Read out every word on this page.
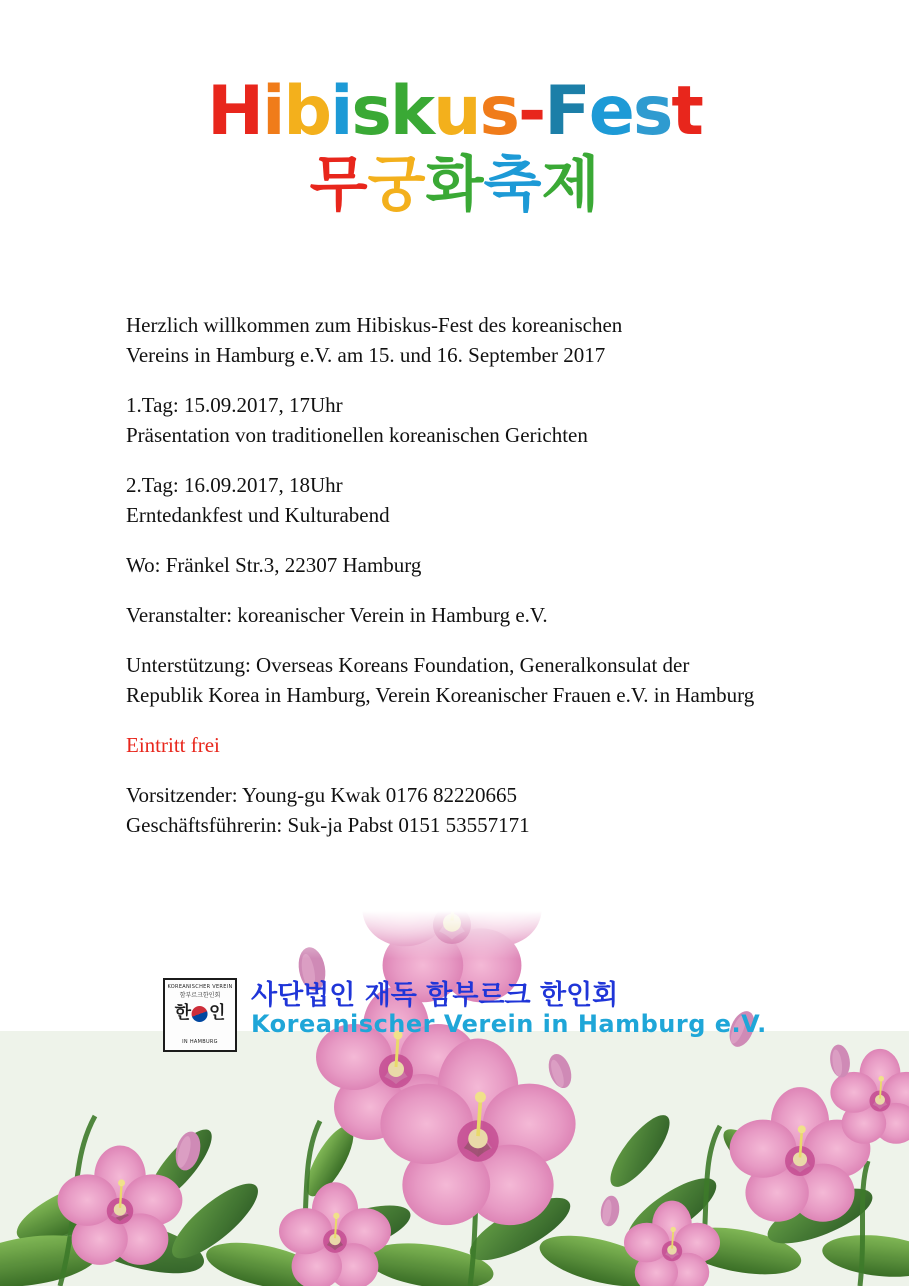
Hibiskus-Fest
무궁화축제
Herzlich willkommen zum Hibiskus-Fest des koreanischen
Vereins in Hamburg e.V. am 15. und 16. September 2017
1.Tag: 15.09.2017, 17Uhr
Präsentation von traditionellen koreanischen Gerichten
2.Tag: 16.09.2017, 18Uhr
Erntedankfest und Kulturabend
Wo: Fränkel Str.3, 22307 Hamburg
Veranstalter: koreanischer Verein in Hamburg e.V.
Unterstützung: Overseas Koreans Foundation, Generalkonsulat der
Republik Korea in Hamburg, Verein Koreanischer Frauen e.V. in Hamburg
Eintritt frei
Vorsitzender: Young-gu Kwak 0176 82220665
Geschäftsführerin: Suk-ja Pabst 0151 53557171
KOREANISCHER VEREIN
함부르크한인회
한 인
IN HAMBURG
사단법인 재독 함부르크 한인회
Koreanischer Verein in Hamburg e.V.
